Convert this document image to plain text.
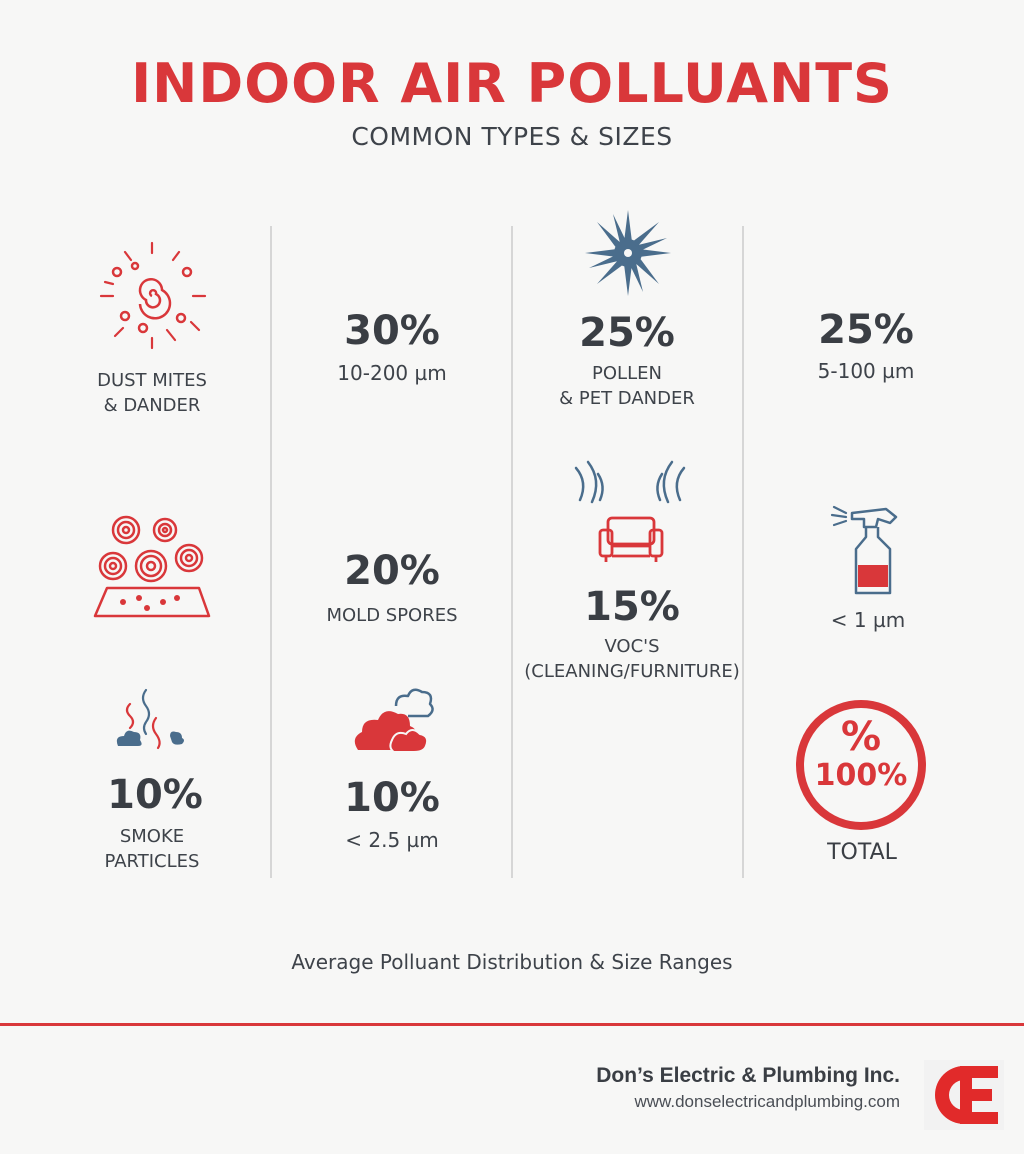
INDOOR AIR POLLUANTS
COMMON TYPES & SIZES
DUST MITES
& DANDER
30%
10-200 µm
25%
POLLEN
& PET DANDER
25%
5-100 µm
20%
MOLD SPORES	15%
VOC'S
(CLEANING/FURNITURE)
< 1 µm
10%
SMOKE
PARTICLES
10%
< 2.5 µm
%
100%
TOTAL
Average Polluant Distribution & Size Ranges
Don’s Electric & Plumbing Inc.
www.donselectricandplumbing.com
